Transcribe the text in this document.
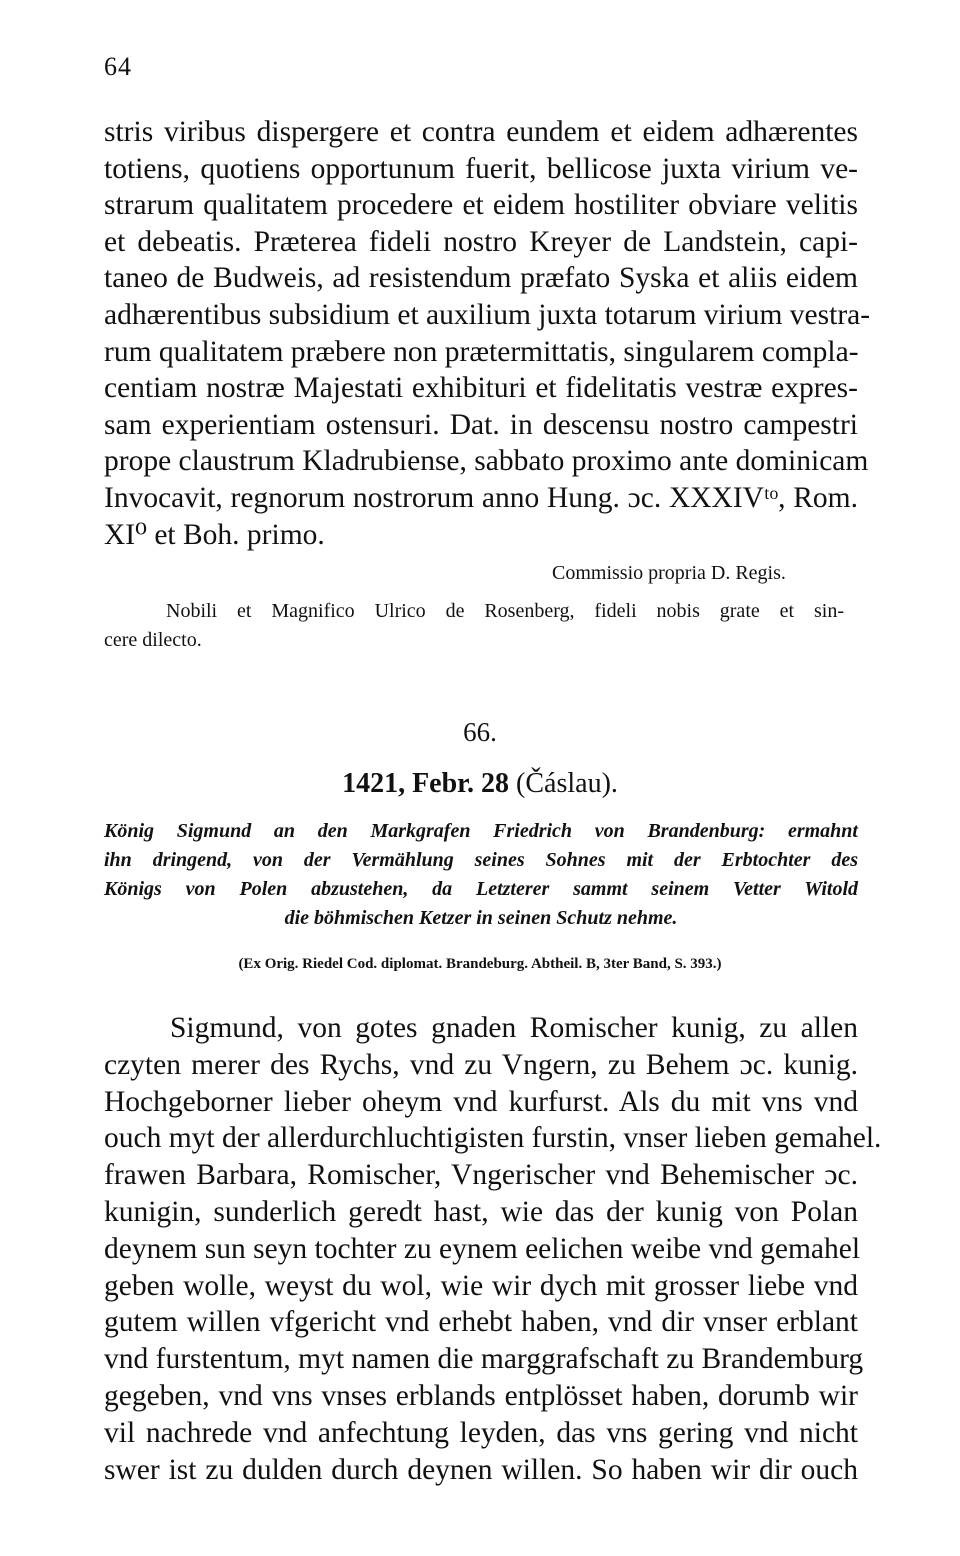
64
stris viribus dispergere et contra eundem et eidem adhærentes
totiens, quotiens opportunum fuerit, bellicose juxta virium ve-
strarum qualitatem procedere et eidem hostiliter obviare velitis
et debeatis. Præterea fideli nostro Kreyer de Landstein, capi-
taneo de Budweis, ad resistendum præfato Syska et aliis eidem
adhærentibus subsidium et auxilium juxta totarum virium vestra-
rum qualitatem præbere non prætermittatis, singularem compla-
centiam nostræ Majestati exhibituri et fidelitatis vestræ expres-
sam experientiam ostensuri. Dat. in descensu nostro campestri
prope claustrum Kladrubiense, sabbato proximo ante dominicam
Invocavit, regnorum nostrorum anno Hung. ɔc. XXXIVᵗᵒ, Rom.
XI⁰ et Boh. primo.
Commissio propria D. Regis.
Nobili et Magnifico Ulrico de Rosenberg, fideli nobis grate et sin-
cere dilecto.
66.
1421, Febr. 28 (Čáslau).
König Sigmund an den Markgrafen Friedrich von Brandenburg: ermahnt
ihn dringend, von der Vermählung seines Sohnes mit der Erbtochter des
Königs von Polen abzustehen, da Letzterer sammt seinem Vetter Witold
die böhmischen Ketzer in seinen Schutz nehme.
(Ex Orig. Riedel Cod. diplomat. Brandeburg. Abtheil. B, 3ter Band, S. 393.)
Sigmund, von gotes gnaden Romischer kunig, zu allen
czyten merer des Rychs, vnd zu Vngern, zu Behem ɔc. kunig.
Hochgeborner lieber oheym vnd kurfurst. Als du mit vns vnd
ouch myt der allerdurchluchtigisten furstin, vnser lieben gemahel.
frawen Barbara, Romischer, Vngerischer vnd Behemischer ɔc.
kunigin, sunderlich geredt hast, wie das der kunig von Polan
deynem sun seyn tochter zu eynem eelichen weibe vnd gemahel
geben wolle, weyst du wol, wie wir dych mit grosser liebe vnd
gutem willen vfgericht vnd erhebt haben, vnd dir vnser erblant
vnd furstentum, myt namen die marggrafschaft zu Brandemburg
gegeben, vnd vns vnses erblands entplösset haben, dorumb wir
vil nachrede vnd anfechtung leyden, das vns gering vnd nicht
swer ist zu dulden durch deynen willen. So haben wir dir ouch
